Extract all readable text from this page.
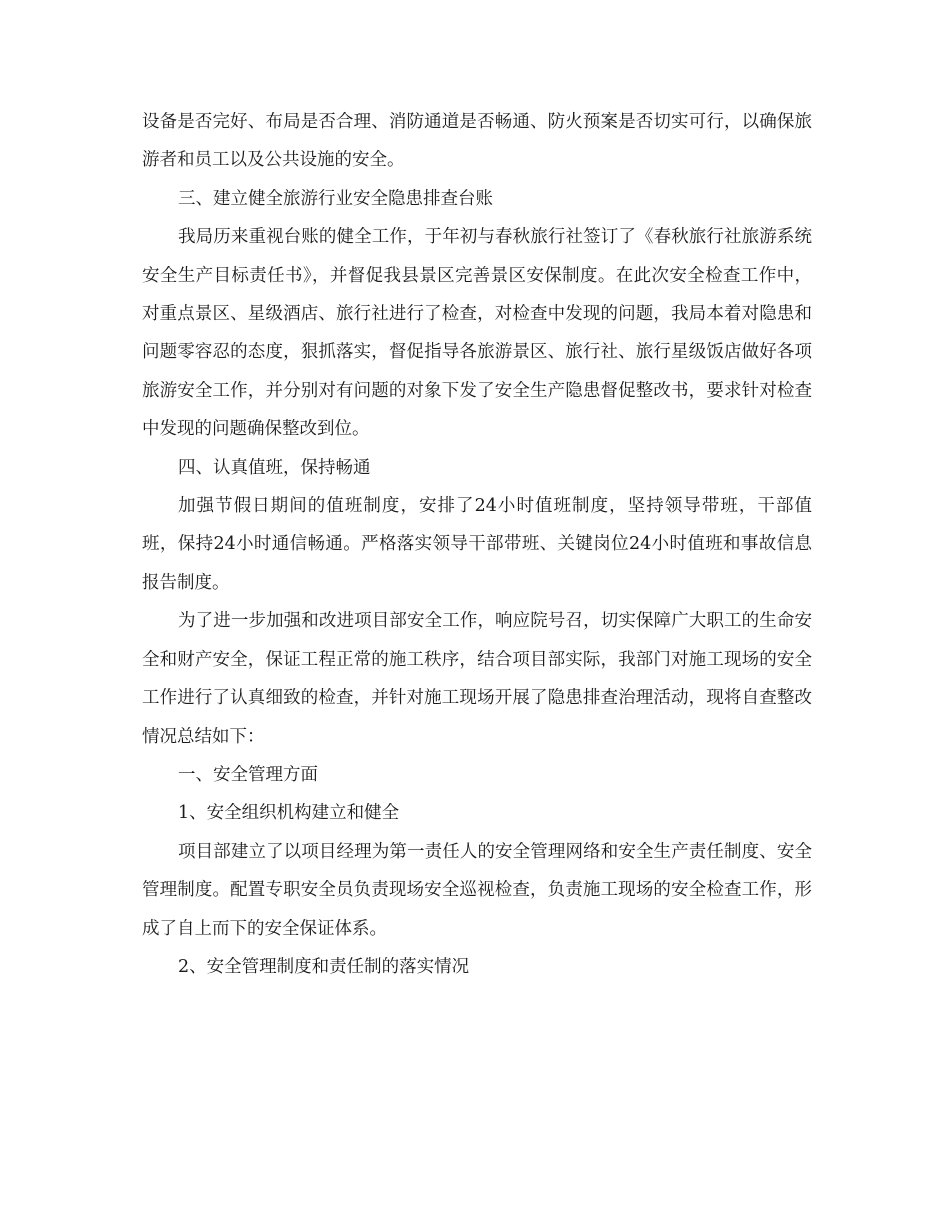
设备是否完好、布局是否合理、消防通道是否畅通、防火预案是否切实可行，以确保旅游者和员工以及公共设施的安全。

三、建立健全旅游行业安全隐患排查台账

我局历来重视台账的健全工作，于年初与春秋旅行社签订了《春秋旅行社旅游系统安全生产目标责任书》，并督促我县景区完善景区安保制度。在此次安全检查工作中，对重点景区、星级酒店、旅行社进行了检查，对检查中发现的问题，我局本着对隐患和问题零容忍的态度，狠抓落实，督促指导各旅游景区、旅行社、旅行星级饭店做好各项旅游安全工作，并分别对有问题的对象下发了安全生产隐患督促整改书，要求针对检查中发现的问题确保整改到位。

四、认真值班，保持畅通

加强节假日期间的值班制度，安排了24小时值班制度，坚持领导带班，干部值班，保持24小时通信畅通。严格落实领导干部带班、关键岗位24小时值班和事故信息报告制度。

为了进一步加强和改进项目部安全工作，响应院号召，切实保障广大职工的生命安全和财产安全，保证工程正常的施工秩序，结合项目部实际，我部门对施工现场的安全工作进行了认真细致的检查，并针对施工现场开展了隐患排查治理活动，现将自查整改情况总结如下：

一、安全管理方面

1、安全组织机构建立和健全

项目部建立了以项目经理为第一责任人的安全管理网络和安全生产责任制度、安全管理制度。配置专职安全员负责现场安全巡视检查，负责施工现场的安全检查工作，形成了自上而下的安全保证体系。

2、安全管理制度和责任制的落实情况
